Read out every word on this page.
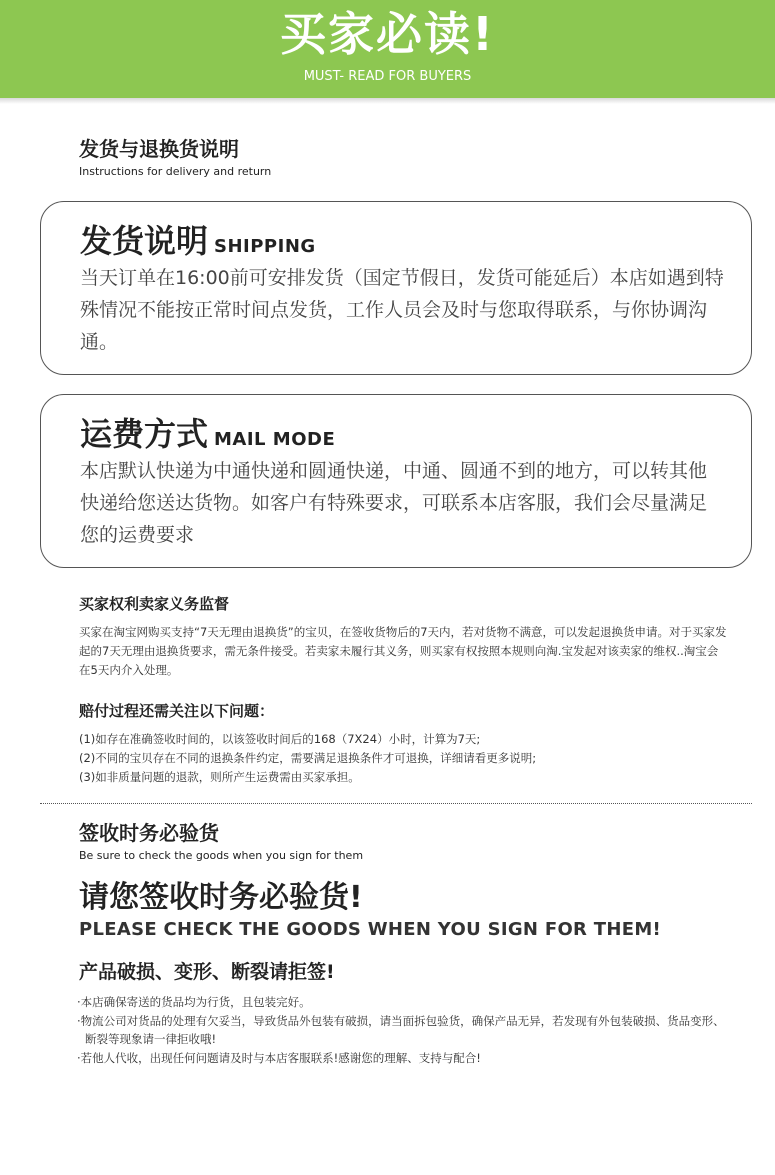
买家必读!
MUST- READ FOR BUYERS
发货与退换货说明
Instructions for delivery and return
发货说明 SHIPPING
当天订单在16:00前可安排发货（国定节假日，发货可能延后）本店如遇到特殊情况不能按正常时间点发货，工作人员会及时与您取得联系，与你协调沟通。
运费方式 MAIL MODE
本店默认快递为中通快递和圆通快递，中通、圆通不到的地方，可以转其他快递给您送达货物。如客户有特殊要求，可联系本店客服，我们会尽量满足您的运费要求
买家权利卖家义务监督
买家在淘宝网购买支持“7天无理由退换货”的宝贝，在签收货物后的7天内，若对货物不满意，可以发起退换货申请。对于买家发起的7天无理由退换货要求，需无条件接受。若卖家未履行其义务，则买家有权按照本规则向淘.宝发起对该卖家的维权..淘宝会在5天内介入处理。
赔付过程还需关注以下问题：
(1)如存在准确签收时间的，以该签收时间后的168（7X24）小时，计算为7天;
(2)不同的宝贝存在不同的退换条件约定，需要满足退换条件才可退换，详细请看更多说明;
(3)如非质量问题的退款，则所产生运费需由买家承担。
签收时务必验货
Be sure to check the goods when you sign for them
请您签收时务必验货!
PLEASE CHECK THE GOODS WHEN YOU SIGN FOR THEM!
产品破损、变形、断裂请拒签!
·本店确保寄送的货品均为行货，且包装完好。
·物流公司对货品的处理有欠妥当，导致货品外包装有破损，请当面拆包验货，确保产品无异，若发现有外包装破损、货品变形、断裂等现象请一律拒收哦!
·若他人代收，出现任何问题请及时与本店客服联系!感谢您的理解、支持与配合!
